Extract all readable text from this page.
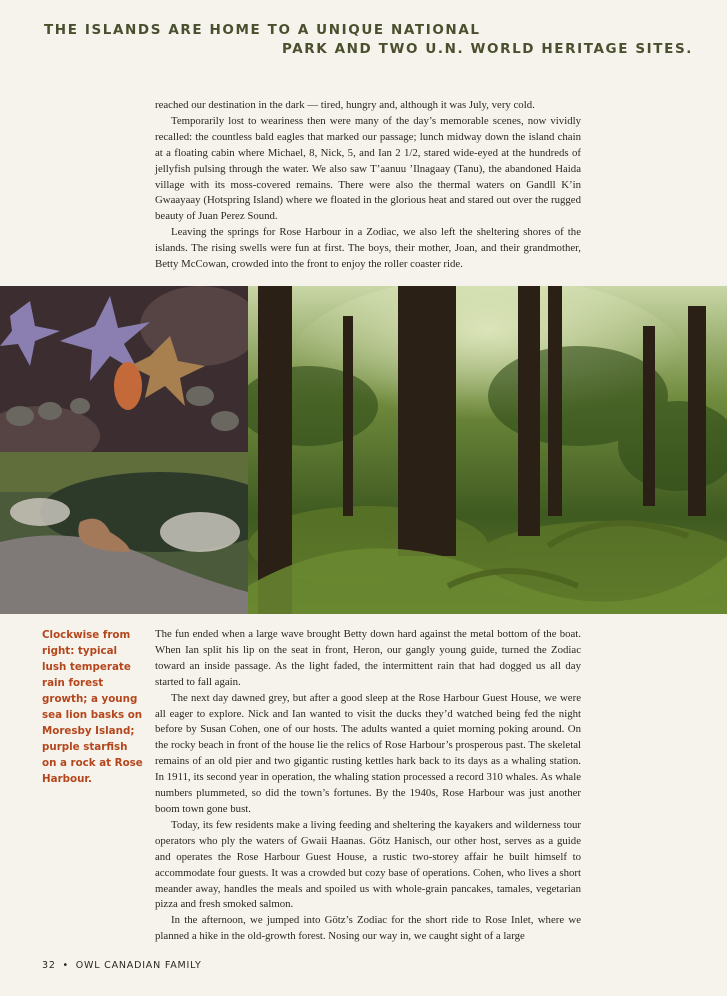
THE ISLANDS ARE HOME TO A UNIQUE NATIONAL
PARK AND TWO U.N. WORLD HERITAGE SITES.

reached our destination in the dark — tired, hungry and, although it was July, very cold.

Temporarily lost to weariness then were many of the day’s memorable scenes, now vividly recalled: the countless bald eagles that marked our passage; lunch midway down the island chain at a floating cabin where Michael, 8, Nick, 5, and Ian 2 1/2, stared wide-eyed at the hundreds of jellyfish pulsing through the water. We also saw T’aanuu ’Ilnagaay (Tanu), the abandoned Haida village with its moss-covered remains. There were also the thermal waters on Gandll K’in Gwaayaay (Hotspring Island) where we floated in the glorious heat and stared out over the rugged beauty of Juan Perez Sound.

Leaving the springs for Rose Harbour in a Zodiac, we also left the sheltering shores of the islands. The rising swells were fun at first. The boys, their mother, Joan, and their grandmother, Betty McCowan, crowded into the front to enjoy the roller coaster ride.

Clockwise from right: typical lush temperate rain forest growth; a young sea lion basks on Moresby Island; purple starfish on a rock at Rose Harbour.

The fun ended when a large wave brought Betty down hard against the metal bottom of the boat. When Ian split his lip on the seat in front, Heron, our gangly young guide, turned the Zodiac toward an inside passage. As the light faded, the intermittent rain that had dogged us all day started to fall again.

The next day dawned grey, but after a good sleep at the Rose Harbour Guest House, we were all eager to explore. Nick and Ian wanted to visit the ducks they’d watched being fed the night before by Susan Cohen, one of our hosts. The adults wanted a quiet morning poking around. On the rocky beach in front of the house lie the relics of Rose Harbour’s prosperous past. The skeletal remains of an old pier and two gigantic rusting kettles hark back to its days as a whaling station. In 1911, its second year in operation, the whaling station processed a record 310 whales. As whale numbers plummeted, so did the town’s fortunes. By the 1940s, Rose Harbour was just another boom town gone bust.

Today, its few residents make a living feeding and sheltering the kayakers and wilderness tour operators who ply the waters of Gwaii Haanas. Götz Hanisch, our other host, serves as a guide and operates the Rose Harbour Guest House, a rustic two-storey affair he built himself to accommodate four guests. It was a crowded but cozy base of operations. Cohen, who lives a short meander away, handles the meals and spoiled us with whole-grain pancakes, tamales, vegetarian pizza and fresh smoked salmon.

In the afternoon, we jumped into Götz’s Zodiac for the short ride to Rose Inlet, where we planned a hike in the old-growth forest. Nosing our way in, we caught sight of a large

32 • OWL CANADIAN FAMILY
